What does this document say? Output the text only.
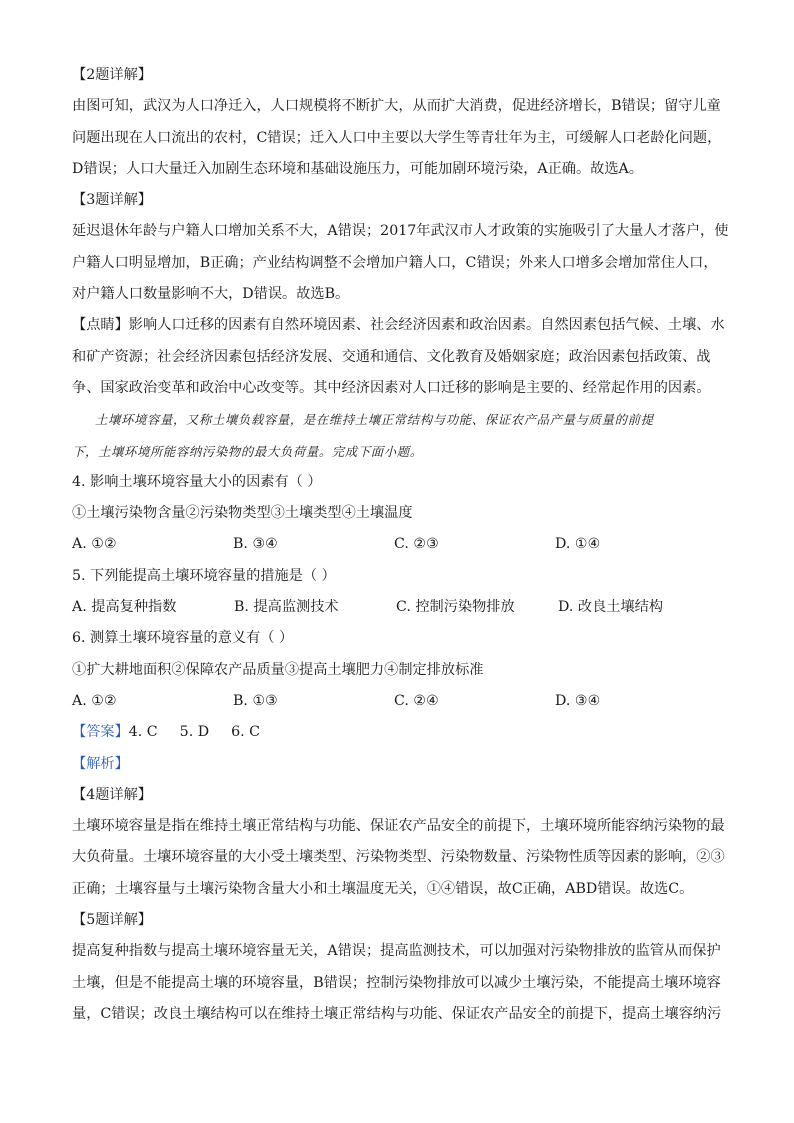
【2题详解】
由图可知，武汉为人口净迁入，人口规模将不断扩大，从而扩大消费，促进经济增长，B错误；留守儿童
问题出现在人口流出的农村，C错误；迁入人口中主要以大学生等青壮年为主，可缓解人口老龄化问题，
D错误；人口大量迁入加剧生态环境和基础设施压力，可能加剧环境污染，A正确。故选A。
【3题详解】
延迟退休年龄与户籍人口增加关系不大，A错误；2017年武汉市人才政策的实施吸引了大量人才落户，使
户籍人口明显增加，B正确；产业结构调整不会增加户籍人口，C错误；外来人口增多会增加常住人口，
对户籍人口数量影响不大，D错误。故选B。
【点睛】影响人口迁移的因素有自然环境因素、社会经济因素和政治因素。自然因素包括气候、土壤、水
和矿产资源；社会经济因素包括经济发展、交通和通信、文化教育及婚姻家庭；政治因素包括政策、战
争、国家政治变革和政治中心改变等。其中经济因素对人口迁移的影响是主要的、经常起作用的因素。
土壤环境容量，又称土壤负载容量，是在维持土壤正常结构与功能、保证农产品产量与质量的前提
下，土壤环境所能容纳污染物的最大负荷量。完成下面小题。
4. 影响土壤环境容量大小的因素有（ ）
①土壤污染物含量②污染物类型③土壤类型④土壤温度
A. ①②	B. ③④	C. ②③	D. ①④
5. 下列能提高土壤环境容量的措施是（ ）
A. 提高复种指数	B. 提高监测技术	C. 控制污染物排放	D. 改良土壤结构
6. 测算土壤环境容量的意义有（ ）
①扩大耕地面积②保障农产品质量③提高土壤肥力④制定排放标准
A. ①②	B. ①③	C. ②④	D. ③④
【答案】4. C 5. D 6. C
【解析】
【4题详解】
土壤环境容量是指在维持土壤正常结构与功能、保证农产品安全的前提下，土壤环境所能容纳污染物的最
大负荷量。土壤环境容量的大小受土壤类型、污染物类型、污染物数量、污染物性质等因素的影响，②③
正确；土壤容量与土壤污染物含量大小和土壤温度无关，①④错误，故C正确，ABD错误。故选C。
【5题详解】
提高复种指数与提高土壤环境容量无关，A错误；提高监测技术，可以加强对污染物排放的监管从而保护
土壤，但是不能提高土壤的环境容量，B错误；控制污染物排放可以减少土壤污染，不能提高土壤环境容
量，C错误；改良土壤结构可以在维持土壤正常结构与功能、保证农产品安全的前提下，提高土壤容纳污
